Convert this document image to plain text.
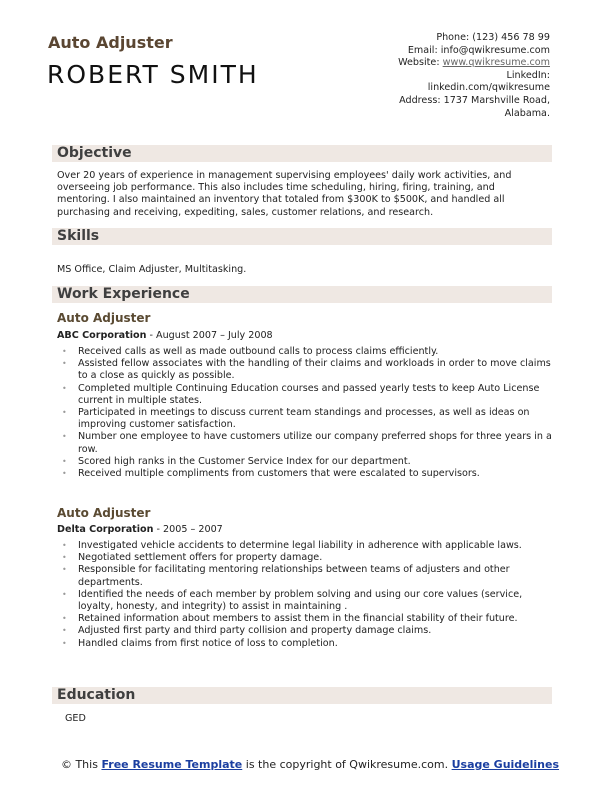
Auto Adjuster
ROBERT SMITH
Phone: (123) 456 78 99
Email: info@qwikresume.com
Website: www.qwikresume.com
LinkedIn:
linkedin.com/qwikresume
Address: 1737 Marshville Road,
Alabama.
Objective
Over 20 years of experience in management supervising employees' daily work activities, and overseeing job performance. This also includes time scheduling, hiring, firing, training, and mentoring. I also maintained an inventory that totaled from $300K to $500K, and handled all purchasing and receiving, expediting, sales, customer relations, and research.
Skills
MS Office, Claim Adjuster, Multitasking.
Work Experience
Auto Adjuster
ABC Corporation - August 2007 – July 2008
• Received calls as well as made outbound calls to process claims efficiently.
• Assisted fellow associates with the handling of their claims and workloads in order to move claims to a close as quickly as possible.
• Completed multiple Continuing Education courses and passed yearly tests to keep Auto License current in multiple states.
• Participated in meetings to discuss current team standings and processes, as well as ideas on improving customer satisfaction.
• Number one employee to have customers utilize our company preferred shops for three years in a row.
• Scored high ranks in the Customer Service Index for our department.
• Received multiple compliments from customers that were escalated to supervisors.
Auto Adjuster
Delta Corporation - 2005 – 2007
• Investigated vehicle accidents to determine legal liability in adherence with applicable laws.
• Negotiated settlement offers for property damage.
• Responsible for facilitating mentoring relationships between teams of adjusters and other departments.
• Identified the needs of each member by problem solving and using our core values (service, loyalty, honesty, and integrity) to assist in maintaining .
• Retained information about members to assist them in the financial stability of their future.
• Adjusted first party and third party collision and property damage claims.
• Handled claims from first notice of loss to completion.
Education
GED
© This Free Resume Template is the copyright of Qwikresume.com. Usage Guidelines
